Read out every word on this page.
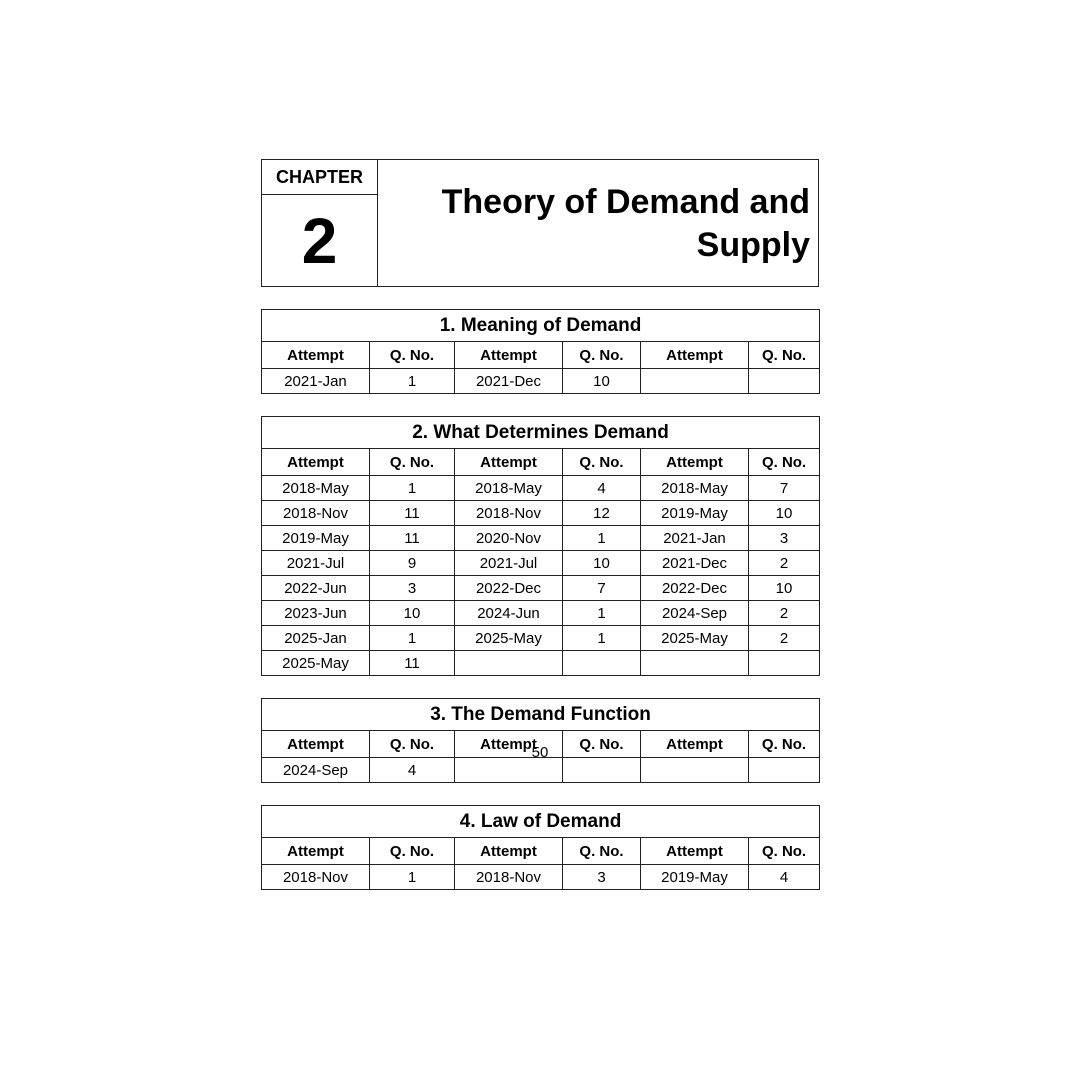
CHAPTER
2
Theory of Demand and
Supply
1. Meaning of Demand					
Attempt	Q. No.	Attempt	Q. No.	Attempt	Q. No.
2021-Jan	1	2021-Dec	10		
2. What Determines Demand					
Attempt	Q. No.	Attempt	Q. No.	Attempt	Q. No.
2018-May	1	2018-May	4	2018-May	7
2018-Nov	11	2018-Nov	12	2019-May	10
2019-May	11	2020-Nov	1	2021-Jan	3
2021-Jul	9	2021-Jul	10	2021-Dec	2
2022-Jun	3	2022-Dec	7	2022-Dec	10
2023-Jun	10	2024-Jun	1	2024-Sep	2
2025-Jan	1	2025-May	1	2025-May	2
2025-May	11				
3. The Demand Function					
Attempt	Q. No.	Attempt	Q. No.	Attempt	Q. No.
2024-Sep	4				
4. Law of Demand					
Attempt	Q. No.	Attempt	Q. No.	Attempt	Q. No.
2018-Nov	1	2018-Nov	3	2019-May	4
50
